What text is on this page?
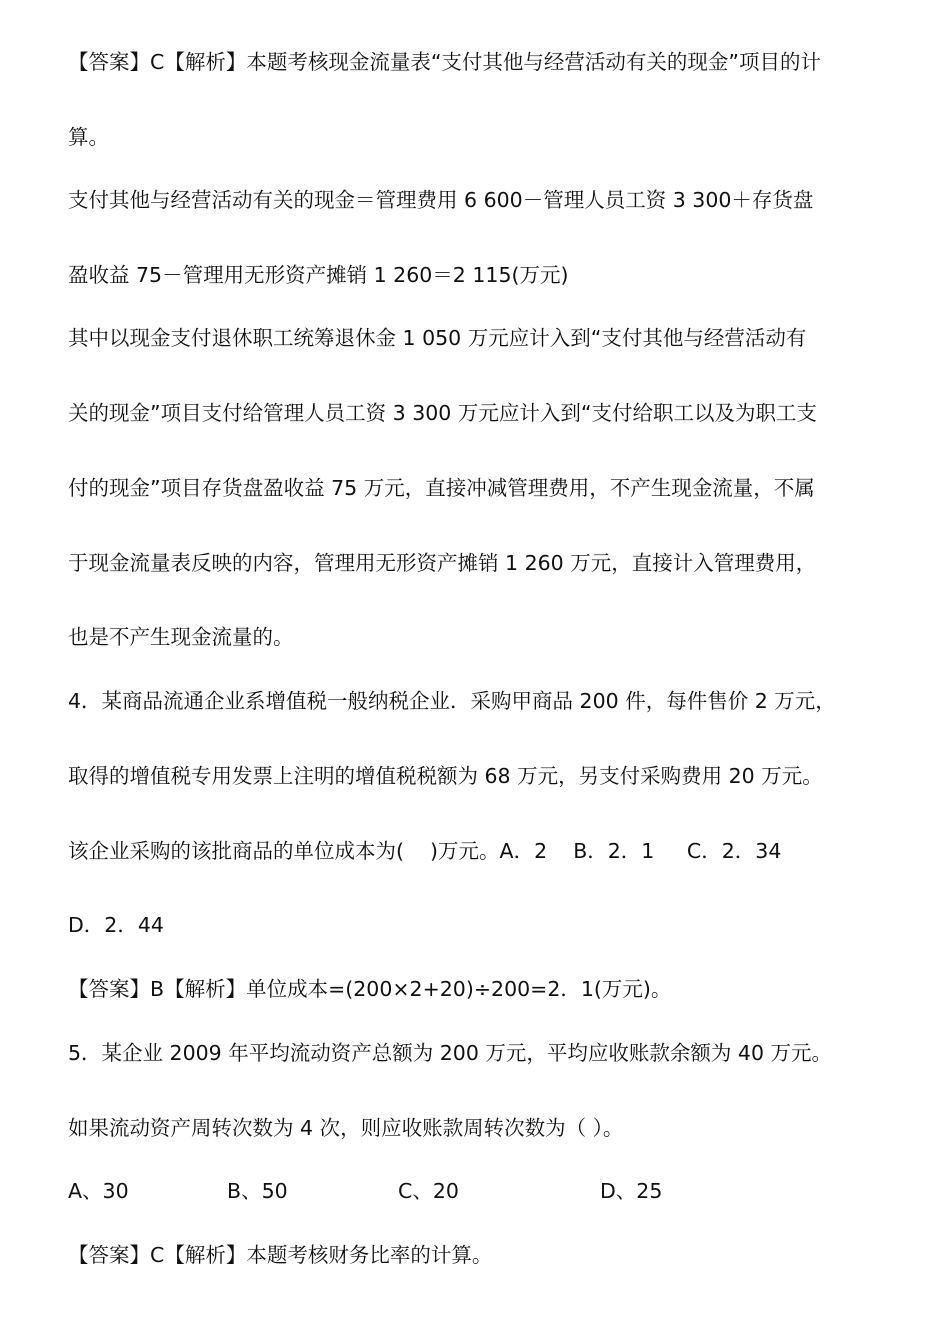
【答案】C【解析】本题考核现金流量表“支付其他与经营活动有关的现金”项目的计

算。

支付其他与经营活动有关的现金＝管理费用 6 600－管理人员工资 3 300＋存货盘

盈收益 75－管理用无形资产摊销 1 260＝2 115(万元)

其中以现金支付退休职工统筹退休金 1 050 万元应计入到“支付其他与经营活动有

关的现金”项目支付给管理人员工资 3 300 万元应计入到“支付给职工以及为职工支

付的现金”项目存货盘盈收益 75 万元，直接冲减管理费用，不产生现金流量，不属

于现金流量表反映的内容，管理用无形资产摊销 1 260 万元，直接计入管理费用，

也是不产生现金流量的。

4．某商品流通企业系增值税一般纳税企业．采购甲商品 200 件，每件售价 2 万元，

取得的增值税专用发票上注明的增值税税额为 68 万元，另支付采购费用 20 万元。

该企业采购的该批商品的单位成本为(    )万元。A．2    B．2．1     C．2．34

D．2．44

【答案】B【解析】单位成本=(200×2+20)÷200=2．1(万元)。

5．某企业 2009 年平均流动资产总额为 200 万元，平均应收账款余额为 40 万元。

如果流动资产周转次数为 4 次，则应收账款周转次数为（ ）。

A、30	B、50	C、20	D、25

【答案】C【解析】本题考核财务比率的计算。
